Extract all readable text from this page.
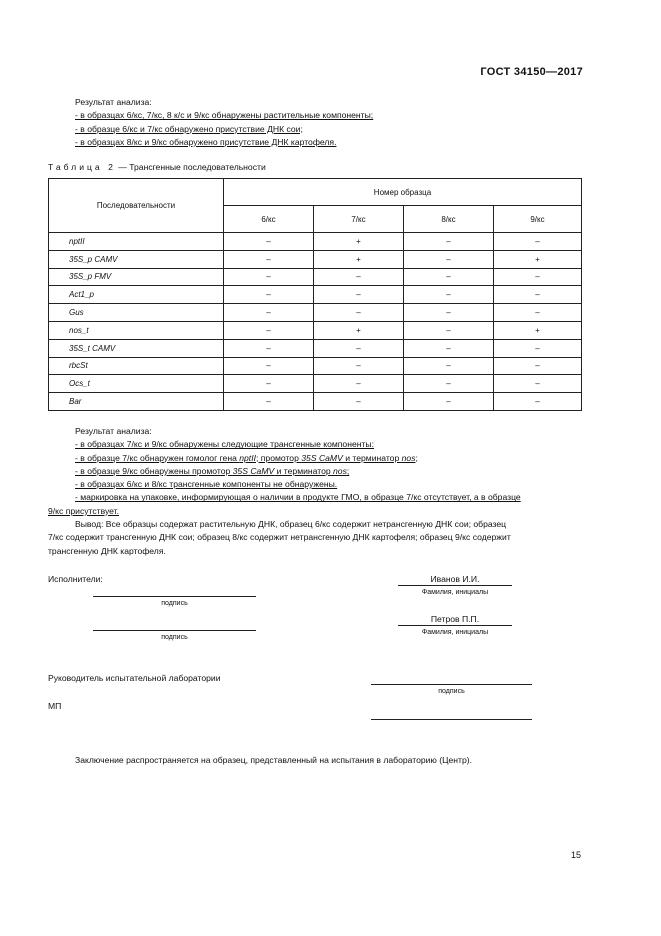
ГОСТ 34150—2017
Результат анализа:
- в образцах 6/кс, 7/кс, 8 к/с и 9/кс обнаружены растительные компоненты;
- в образце 6/кс и 7/кс обнаружено присутствие ДНК сои;
- в образцах 8/кс и 9/кс обнаружено присутствие ДНК картофеля.
Таблица 2 — Трансгенные последовательности
Последовательности	Номер образца			
	6/кс	7/кс	8/кс	9/кс
nptII	–	+	–	–
35S_p CAMV	–	+	–	+
35S_p FMV	–	–	–	–
Act1_p	–	–	–	–
Gus	–	–	–	–
nos_t	–	+	–	+
35S_t CAMV	–	–	–	–
rbcSt	–	–	–	–
Ocs_t	–	–	–	–
Bar	–	–	–	–
Результат анализа:
- в образцах 7/кс и 9/кс обнаружены следующие трансгенные компоненты:
- в образце 7/кс обнаружен гомолог гена nptII; промотор 35S CaMV и терминатор nos;
- в образце 9/кс обнаружены промотор 35S CaMV и терминатор nos;
- в образцах 6/кс и 8/кс трансгенные компоненты не обнаружены.
- маркировка на упаковке, информирующая о наличии в продукте ГМО, в образце 7/кс отсутствует, а в образце
9/кс присутствует.
Вывод: Все образцы содержат растительную ДНК, образец 6/кс содержит нетрансгенную ДНК сои; образец
7/кс содержит трансгенную ДНК сои; образец 8/кс содержит нетрансгенную ДНК картофеля; образец 9/кс содержит
трансгенную ДНК картофеля.
Исполнители:	Иванов И.И.
Фамилия, инициалы
подпись
Петров П.П.
Фамилия, инициалы
подпись
Руководитель испытательной лаборатории
подпись
МП
Заключение распространяется на образец, представленный на испытания в лабораторию (Центр).
15
